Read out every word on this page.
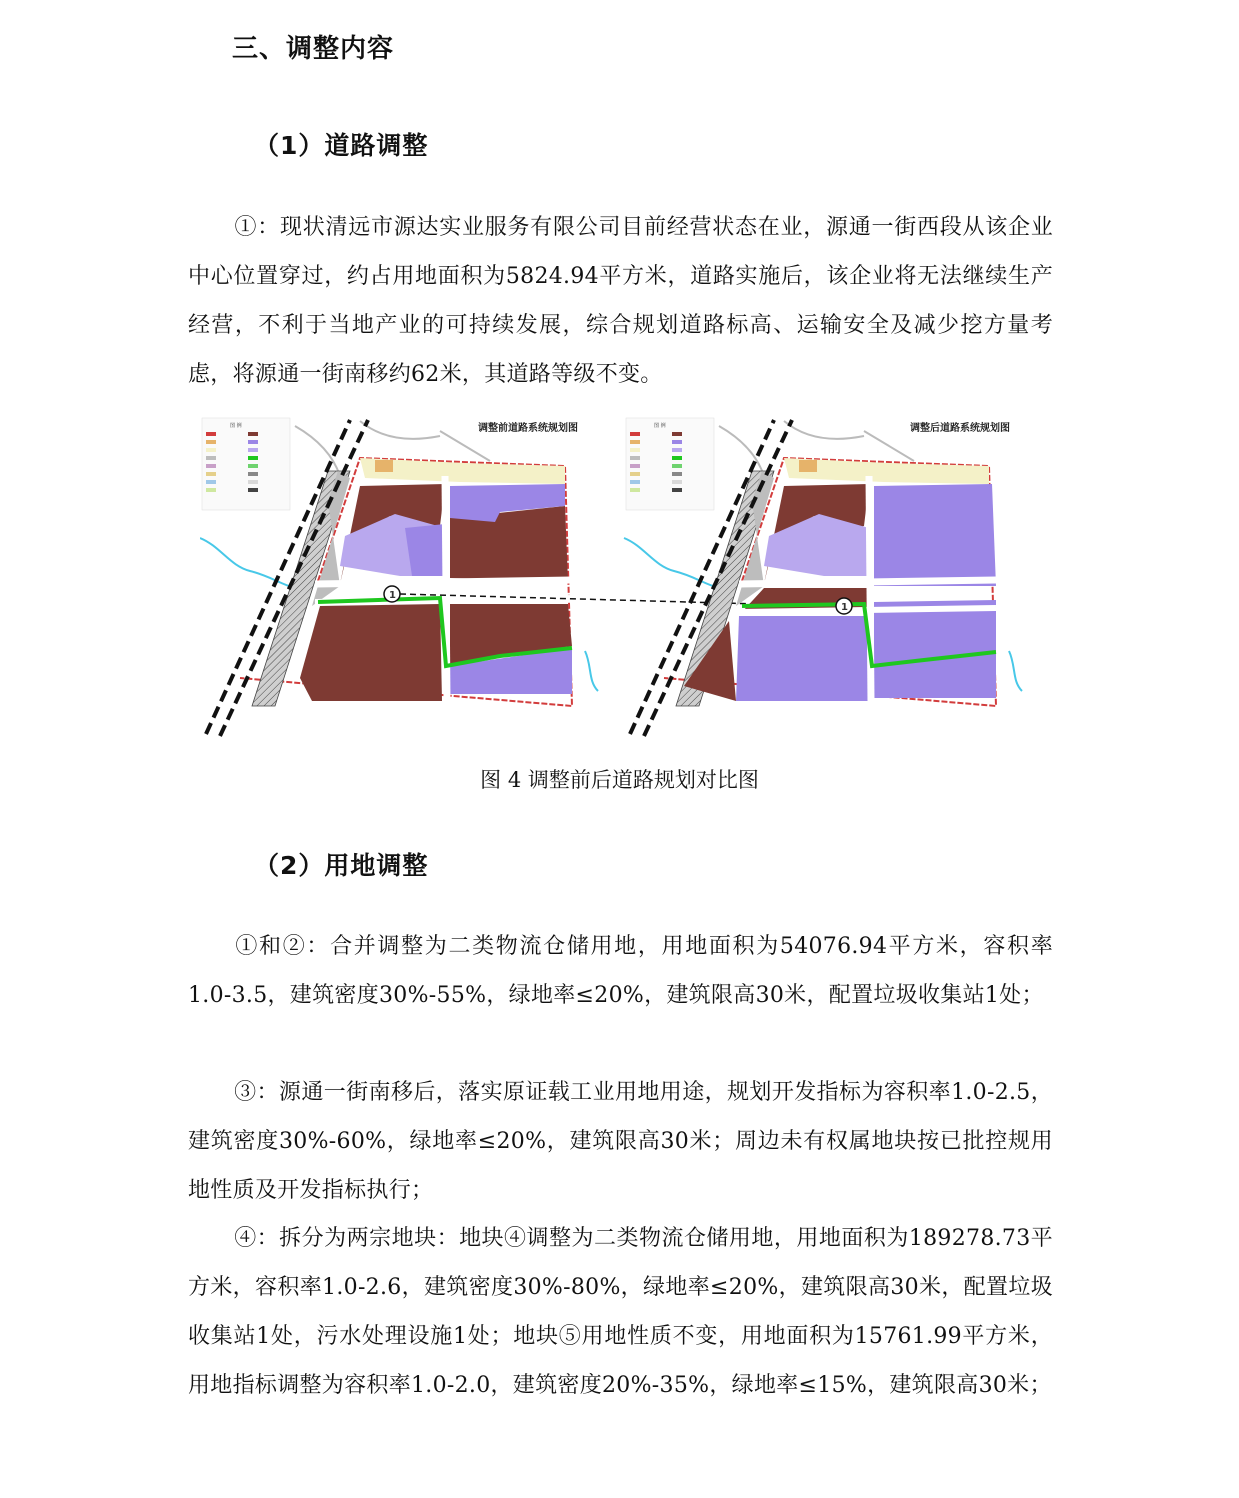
三、调整内容
（1）道路调整
①：现状清远市源达实业服务有限公司目前经营状态在业，源通一街西段从该企业中心位置穿过，约占用地面积为5824.94平方米，道路实施后，该企业将无法继续生产经营，不利于当地产业的可持续发展，综合规划道路标高、运输安全及减少挖方量考虑，将源通一街南移约62米，其道路等级不变。
图 例
1
调整前道路系统规划图	图 例
1
调整后道路系统规划图
图 4 调整前后道路规划对比图
（2）用地调整
①和②：合并调整为二类物流仓储用地，用地面积为54076.94平方米，容积率1.0-3.5，建筑密度30%-55%，绿地率≤20%，建筑限高30米，配置垃圾收集站1处；
③：源通一街南移后，落实原证载工业用地用途，规划开发指标为容积率1.0-2.5，建筑密度30%-60%，绿地率≤20%，建筑限高30米；周边未有权属地块按已批控规用地性质及开发指标执行；
④：拆分为两宗地块：地块④调整为二类物流仓储用地，用地面积为189278.73平方米，容积率1.0-2.6，建筑密度30%-80%，绿地率≤20%，建筑限高30米，配置垃圾收集站1处，污水处理设施1处；地块⑤用地性质不变，用地面积为15761.99平方米，用地指标调整为容积率1.0-2.0，建筑密度20%-35%，绿地率≤15%，建筑限高30米；
